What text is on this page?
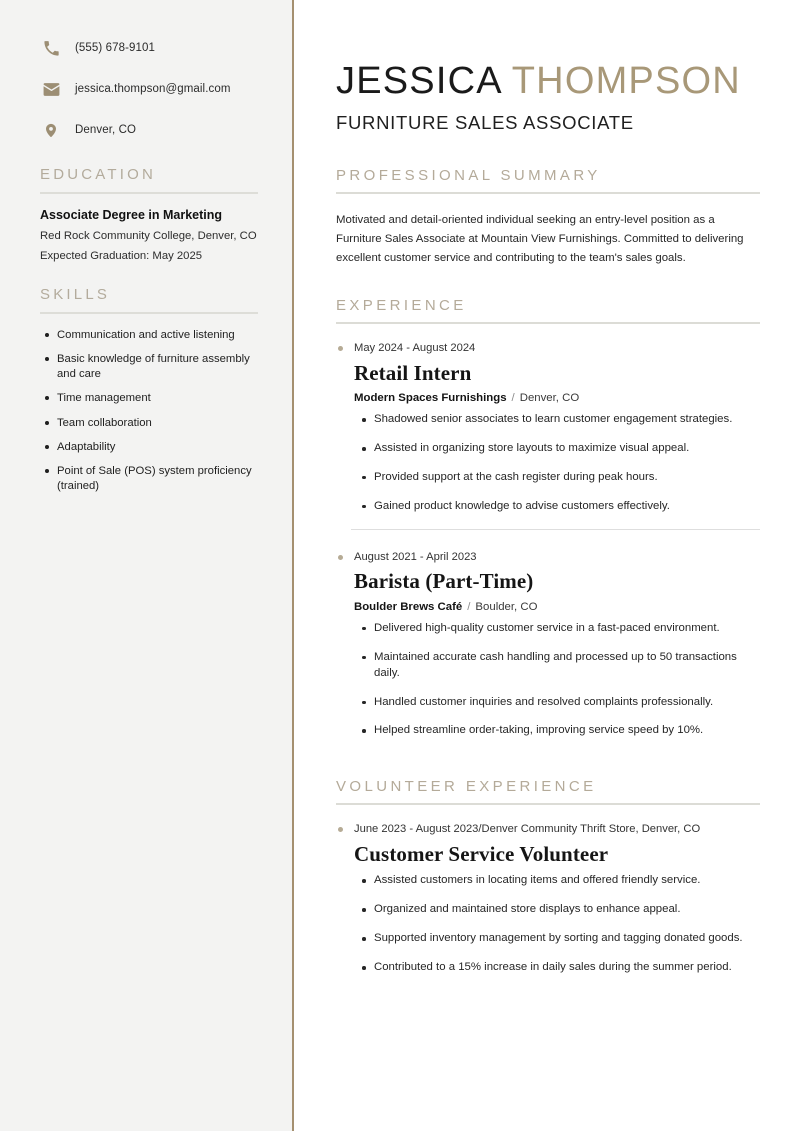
(555) 678-9101
jessica.thompson@gmail.com
Denver, CO
EDUCATION
Associate Degree in Marketing
Red Rock Community College, Denver, CO
Expected Graduation: May 2025
SKILLS
Communication and active listening
Basic knowledge of furniture assembly and care
Time management
Team collaboration
Adaptability
Point of Sale (POS) system proficiency (trained)
JESSICA THOMPSON
FURNITURE SALES ASSOCIATE
PROFESSIONAL SUMMARY

Motivated and detail-oriented individual seeking an entry-level position as a Furniture Sales Associate at Mountain View Furnishings. Committed to delivering excellent customer service and contributing to the team's sales goals.

EXPERIENCE
May 2024 - August 2024
Retail Intern
Modern Spaces Furnishings / Denver, CO
Shadowed senior associates to learn customer engagement strategies.
Assisted in organizing store layouts to maximize visual appeal.
Provided support at the cash register during peak hours.
Gained product knowledge to advise customers effectively.
August 2021 - April 2023
Barista (Part-Time)
Boulder Brews Café / Boulder, CO
Delivered high-quality customer service in a fast-paced environment.
Maintained accurate cash handling and processed up to 50 transactions daily.
Handled customer inquiries and resolved complaints professionally.
Helped streamline order-taking, improving service speed by 10%.
VOLUNTEER EXPERIENCE
June 2023 - August 2023/Denver Community Thrift Store, Denver, CO
Customer Service Volunteer
Assisted customers in locating items and offered friendly service.
Organized and maintained store displays to enhance appeal.
Supported inventory management by sorting and tagging donated goods.
Contributed to a 15% increase in daily sales during the summer period.
